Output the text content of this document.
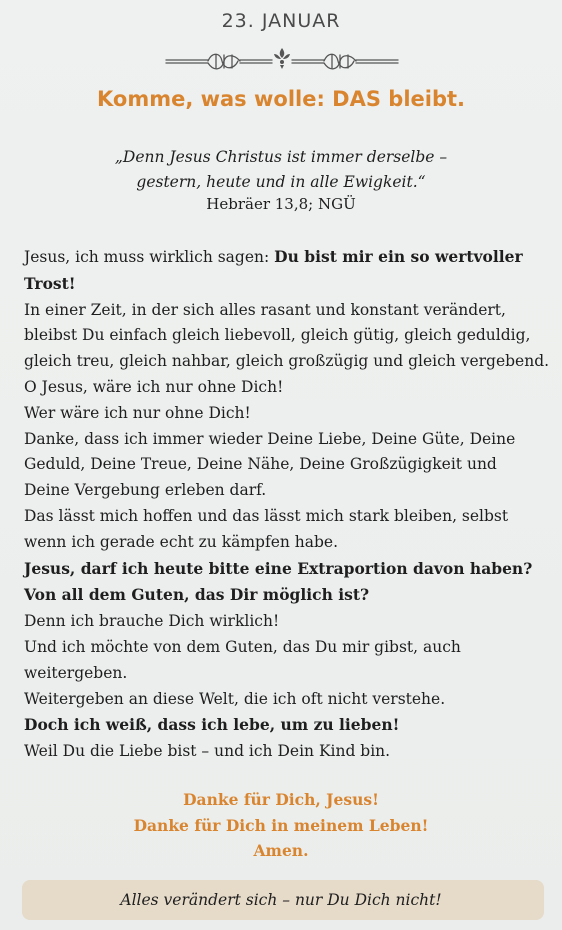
23. JANUAR
Komme, was wolle: DAS bleibt.
„Denn Jesus Christus ist immer derselbe –
gestern, heute und in alle Ewigkeit.“
Hebräer 13,8; NGÜ

Jesus, ich muss wirklich sagen: Du bist mir ein so wertvoller

Trost!

In einer Zeit, in der sich alles rasant und konstant verändert,

bleibst Du einfach gleich liebevoll, gleich gütig, gleich geduldig,

gleich treu, gleich nahbar, gleich großzügig und gleich vergebend.

O Jesus, wäre ich nur ohne Dich!

Wer wäre ich nur ohne Dich!

Danke, dass ich immer wieder Deine Liebe, Deine Güte, Deine

Geduld, Deine Treue, Deine Nähe, Deine Großzügigkeit und

Deine Vergebung erleben darf.

Das lässt mich hoffen und das lässt mich stark bleiben, selbst

wenn ich gerade echt zu kämpfen habe.

Jesus, darf ich heute bitte eine Extraportion davon haben?

Von all dem Guten, das Dir möglich ist?

Denn ich brauche Dich wirklich!

Und ich möchte von dem Guten, das Du mir gibst, auch

weitergeben.

Weitergeben an diese Welt, die ich oft nicht verstehe.

Doch ich weiß, dass ich lebe, um zu lieben!

Weil Du die Liebe bist – und ich Dein Kind bin.

Danke für Dich, Jesus!
Danke für Dich in meinem Leben!
Amen.
Alles verändert sich – nur Du Dich nicht!
